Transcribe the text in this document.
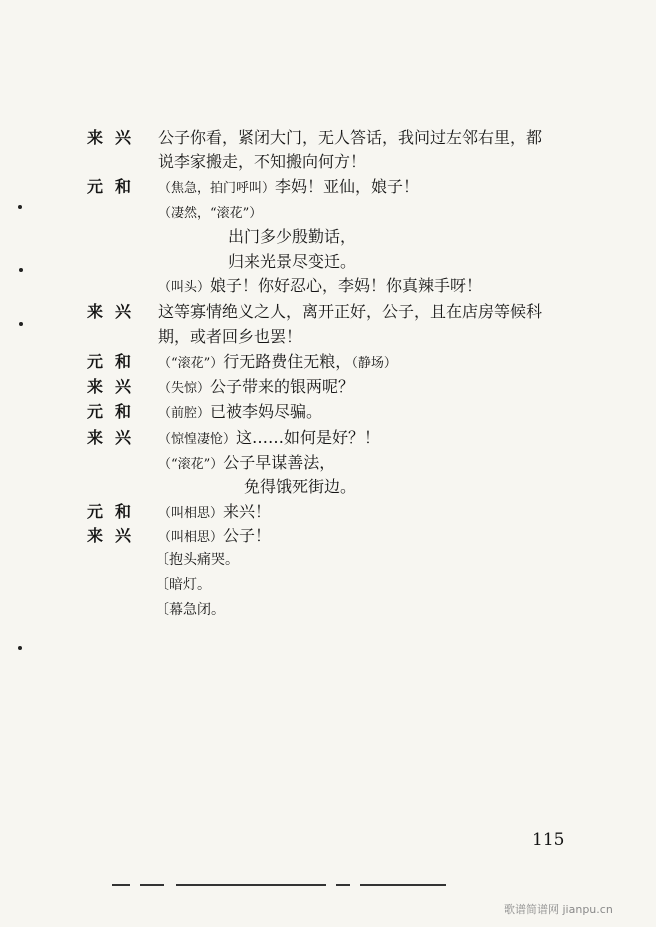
来兴
元和
来兴
元和
来兴
元和
来兴
元和
来兴
公子你看，紧闭大门，无人答话，我问过左邻右里，都
说李家搬走，不知搬向何方！
（焦急，拍门呼叫）李妈！亚仙，娘子！
（凄然，“滚花”）
出门多少殷勤话，
归来光景尽变迁。
（叫头）娘子！你好忍心，李妈！你真辣手呀！
这等寡情绝义之人，离开正好，公子，且在店房等候科
期，或者回乡也罢！
（“滚花”）行无路费住无粮，（静场）
（失惊）公子带来的银两呢？
（前腔）已被李妈尽骗。
（惊惶凄怆）这……如何是好？！
（“滚花”）公子早谋善法，
免得饿死街边。
（叫相思）来兴！
（叫相思）公子！
〔抱头痛哭。
〔暗灯。
〔幕急闭。
115
歌谱简谱网 jianpu.cn
